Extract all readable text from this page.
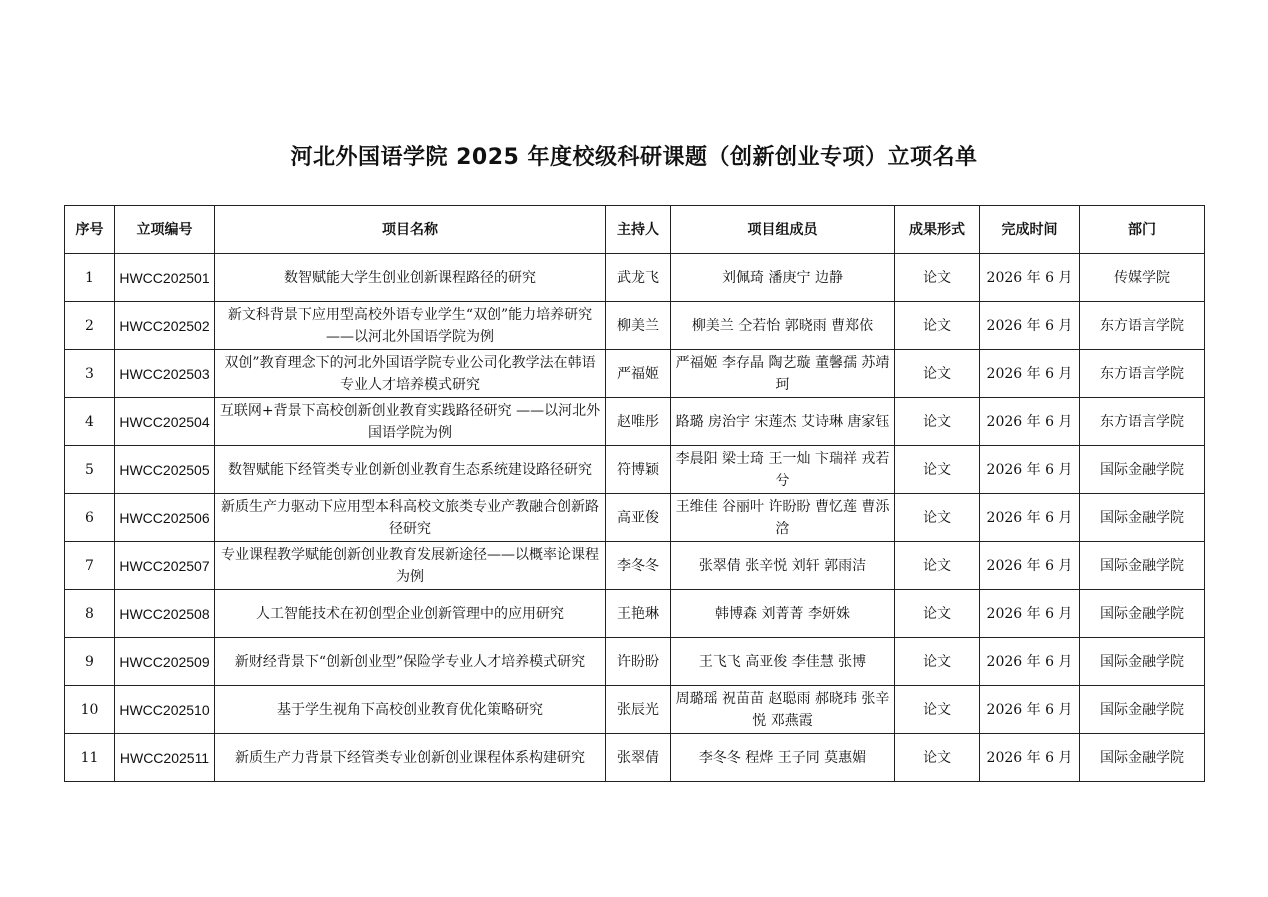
河北外国语学院 2025 年度校级科研课题（创新创业专项）立项名单
序号	立项编号	项目名称	主持人	项目组成员	成果形式	完成时间	部门
1	HWCC202501	数智赋能大学生创业创新课程路径的研究	武龙飞	刘佩琦 潘庚宁 边静	论文	2026 年 6 月	传媒学院
2	HWCC202502	新文科背景下应用型高校外语专业学生“双创”能力培养研究 ——以河北外国语学院为例	柳美兰	柳美兰 仝若怡 郭晓雨 曹郑依	论文	2026 年 6 月	东方语言学院
3	HWCC202503	双创”教育理念下的河北外国语学院专业公司化教学法在韩语专业人才培养模式研究	严福姬	严福姬 李存晶 陶艺璇 董馨孺 苏靖珂	论文	2026 年 6 月	东方语言学院
4	HWCC202504	互联网+背景下高校创新创业教育实践路径研究 ——以河北外国语学院为例	赵唯彤	路璐 房治宇 宋莲杰 艾诗琳 唐家钰	论文	2026 年 6 月	东方语言学院
5	HWCC202505	数智赋能下经管类专业创新创业教育生态系统建设路径研究	符博颖	李晨阳 梁士琦 王一灿 卞瑞祥 戎若兮	论文	2026 年 6 月	国际金融学院
6	HWCC202506	新质生产力驱动下应用型本科高校文旅类专业产教融合创新路径研究	高亚俊	王维佳 谷丽叶 许盼盼 曹忆莲 曹泺浛	论文	2026 年 6 月	国际金融学院
7	HWCC202507	专业课程教学赋能创新创业教育发展新途径——以概率论课程为例	李冬冬	张翠倩 张辛悦 刘轩 郭雨洁	论文	2026 年 6 月	国际金融学院
8	HWCC202508	人工智能技术在初创型企业创新管理中的应用研究	王艳琳	韩博森 刘菁菁 李妍姝	论文	2026 年 6 月	国际金融学院
9	HWCC202509	新财经背景下“创新创业型”保险学专业人才培养模式研究	许盼盼	王飞飞 高亚俊 李佳慧 张博	论文	2026 年 6 月	国际金融学院
10	HWCC202510	基于学生视角下高校创业教育优化策略研究	张辰光	周璐瑶 祝苗苗 赵聪雨 郝晓玮 张辛悦 邓燕霞	论文	2026 年 6 月	国际金融学院
11	HWCC202511	新质生产力背景下经管类专业创新创业课程体系构建研究	张翠倩	李冬冬 程烨 王子同 莫惠媚	论文	2026 年 6 月	国际金融学院
